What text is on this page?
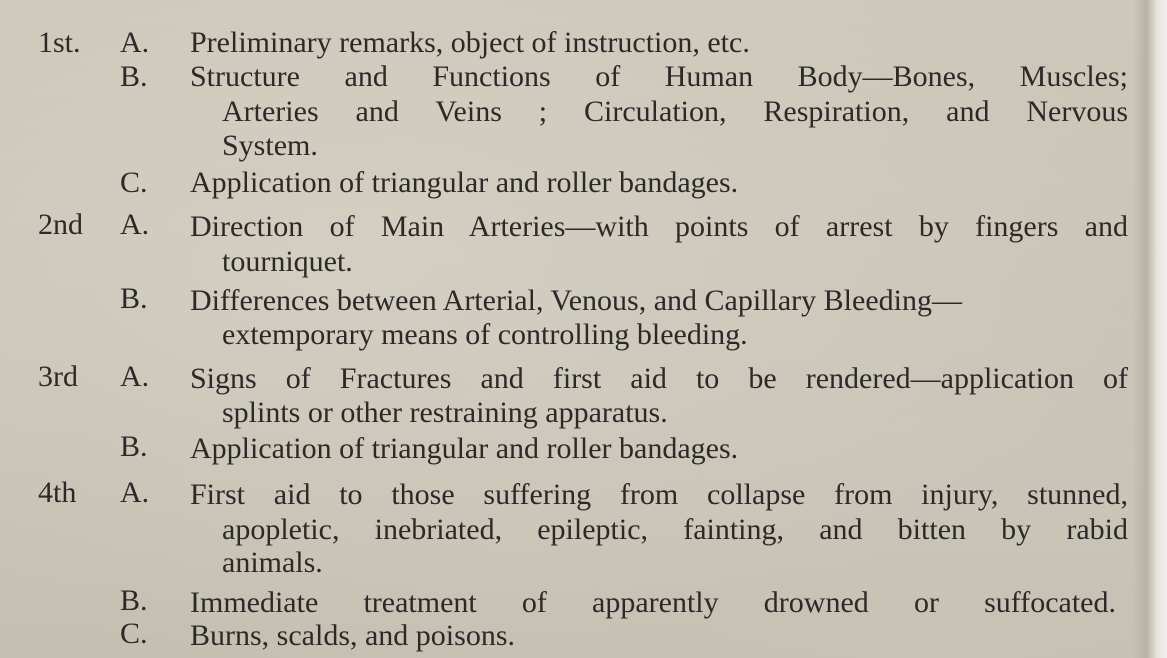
1st.	A.	Preliminary remarks, object of instruction, etc.
B.	Structure and Functions of Human Body—Bones, Muscles;
Arteries and Veins ; Circulation, Respiration, and Nervous
System.
C.	Application of triangular and roller bandages.
2nd	A.	Direction of Main Arteries—with points of arrest by fingers and
tourniquet.
B.	Differences between Arterial, Venous, and Capillary Bleeding—
extemporary means of controlling bleeding.
3rd	A.	Signs of Fractures and first aid to be rendered—application of
splints or other restraining apparatus.
B.	Application of triangular and roller bandages.
4th	A.	First aid to those suffering from collapse from injury, stunned,
apopletic, inebriated, epileptic, fainting, and bitten by rabid
animals.
B.	Immediate treatment of apparently drowned or suffocated.
C.	Burns, scalds, and poisons.
